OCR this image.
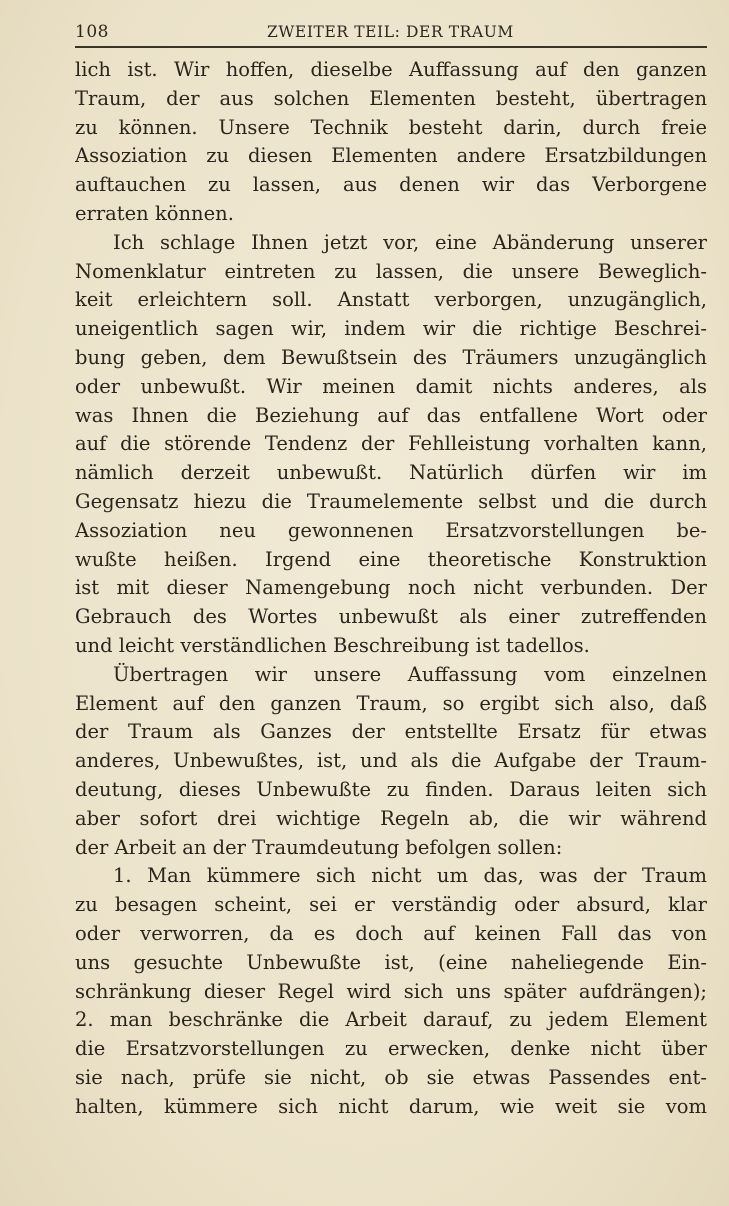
108	ZWEITER TEIL: DER TRAUM
lich ist. Wir hoffen, dieselbe Auffassung auf den ganzen
Traum, der aus solchen Elementen besteht, übertragen
zu können. Unsere Technik besteht darin, durch freie
Assoziation zu diesen Elementen andere Ersatzbildungen
auftauchen zu lassen, aus denen wir das Verborgene
erraten können.
Ich schlage Ihnen jetzt vor, eine Abänderung unserer
Nomenklatur eintreten zu lassen, die unsere Beweglich-
keit erleichtern soll. Anstatt verborgen, unzugänglich,
uneigentlich sagen wir, indem wir die richtige Beschrei-
bung geben, dem Bewußtsein des Träumers unzugänglich
oder unbewußt. Wir meinen damit nichts anderes, als
was Ihnen die Beziehung auf das entfallene Wort oder
auf die störende Tendenz der Fehlleistung vorhalten kann,
nämlich derzeit unbewußt. Natürlich dürfen wir im
Gegensatz hiezu die Traumelemente selbst und die durch
Assoziation neu gewonnenen Ersatzvorstellungen be-
wußte heißen. Irgend eine theoretische Konstruktion
ist mit dieser Namengebung noch nicht verbunden. Der
Gebrauch des Wortes unbewußt als einer zutreffenden
und leicht verständlichen Beschreibung ist tadellos.
Übertragen wir unsere Auffassung vom einzelnen
Element auf den ganzen Traum, so ergibt sich also, daß
der Traum als Ganzes der entstellte Ersatz für etwas
anderes, Unbewußtes, ist, und als die Aufgabe der Traum-
deutung, dieses Unbewußte zu finden. Daraus leiten sich
aber sofort drei wichtige Regeln ab, die wir während
der Arbeit an der Traumdeutung befolgen sollen:
1. Man kümmere sich nicht um das, was der Traum
zu besagen scheint, sei er verständig oder absurd, klar
oder verworren, da es doch auf keinen Fall das von
uns gesuchte Unbewußte ist, (eine naheliegende Ein-
schränkung dieser Regel wird sich uns später aufdrängen);
2. man beschränke die Arbeit darauf, zu jedem Element
die Ersatzvorstellungen zu erwecken, denke nicht über
sie nach, prüfe sie nicht, ob sie etwas Passendes ent-
halten, kümmere sich nicht darum, wie weit sie vom
